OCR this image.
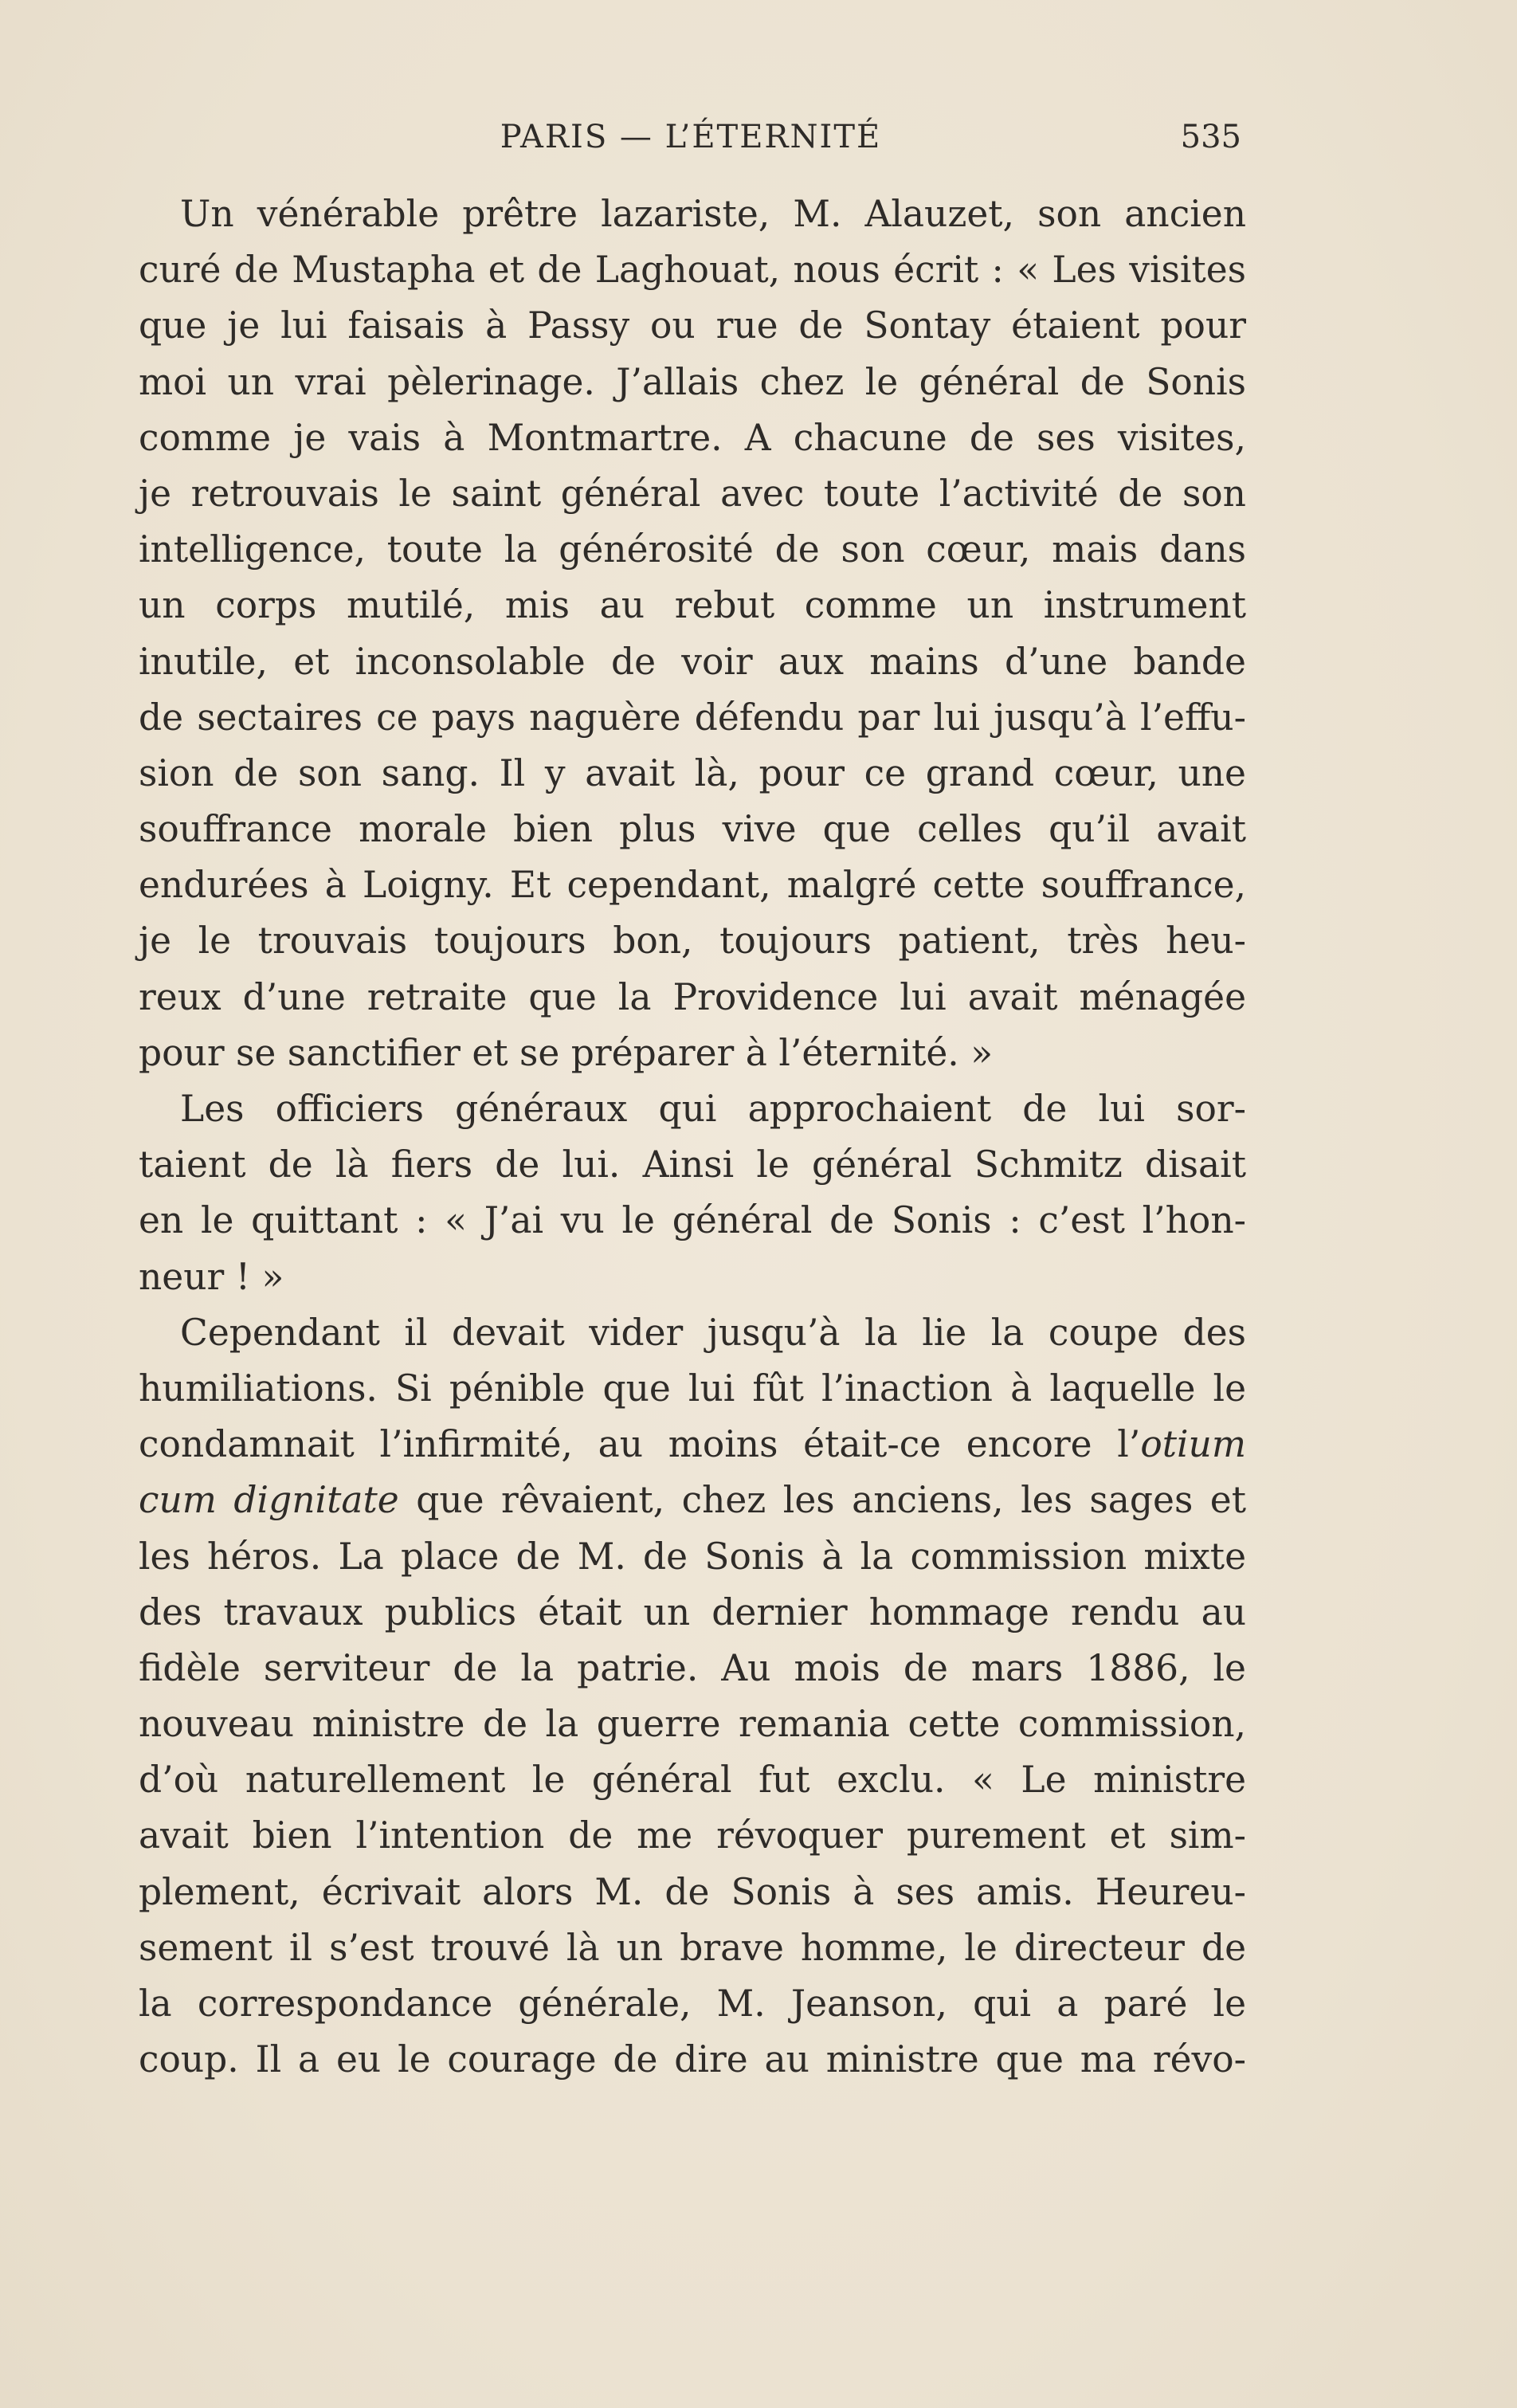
PARIS — L’ÉTERNITÉ	535
Un vénérable prêtre lazariste, M. Alauzet, son ancien
curé de Mustapha et de Laghouat, nous écrit : « Les visites
que je lui faisais à Passy ou rue de Sontay étaient pour
moi un vrai pèlerinage. J’allais chez le général de Sonis
comme je vais à Montmartre. A chacune de ses visites,
je retrouvais le saint général avec toute l’activité de son
intelligence, toute la générosité de son cœur, mais dans
un corps mutilé, mis au rebut comme un instrument
inutile, et inconsolable de voir aux mains d’une bande
de sectaires ce pays naguère défendu par lui jusqu’à l’effu-
sion de son sang. Il y avait là, pour ce grand cœur, une
souffrance morale bien plus vive que celles qu’il avait
endurées à Loigny. Et cependant, malgré cette souffrance,
je le trouvais toujours bon, toujours patient, très heu-
reux d’une retraite que la Providence lui avait ménagée
pour se sanctifier et se préparer à l’éternité. »
Les officiers généraux qui approchaient de lui sor-
taient de là fiers de lui. Ainsi le général Schmitz disait
en le quittant : « J’ai vu le général de Sonis : c’est l’hon-
neur ! »
Cependant il devait vider jusqu’à la lie la coupe des
humiliations. Si pénible que lui fût l’inaction à laquelle le
condamnait l’infirmité, au moins était-ce encore l’otium
cum dignitate que rêvaient, chez les anciens, les sages et
les héros. La place de M. de Sonis à la commission mixte
des travaux publics était un dernier hommage rendu au
fidèle serviteur de la patrie. Au mois de mars 1886, le
nouveau ministre de la guerre remania cette commission,
d’où naturellement le général fut exclu. « Le ministre
avait bien l’intention de me révoquer purement et sim-
plement, écrivait alors M. de Sonis à ses amis. Heureu-
sement il s’est trouvé là un brave homme, le directeur de
la correspondance générale, M. Jeanson, qui a paré le
coup. Il a eu le courage de dire au ministre que ma révo-
